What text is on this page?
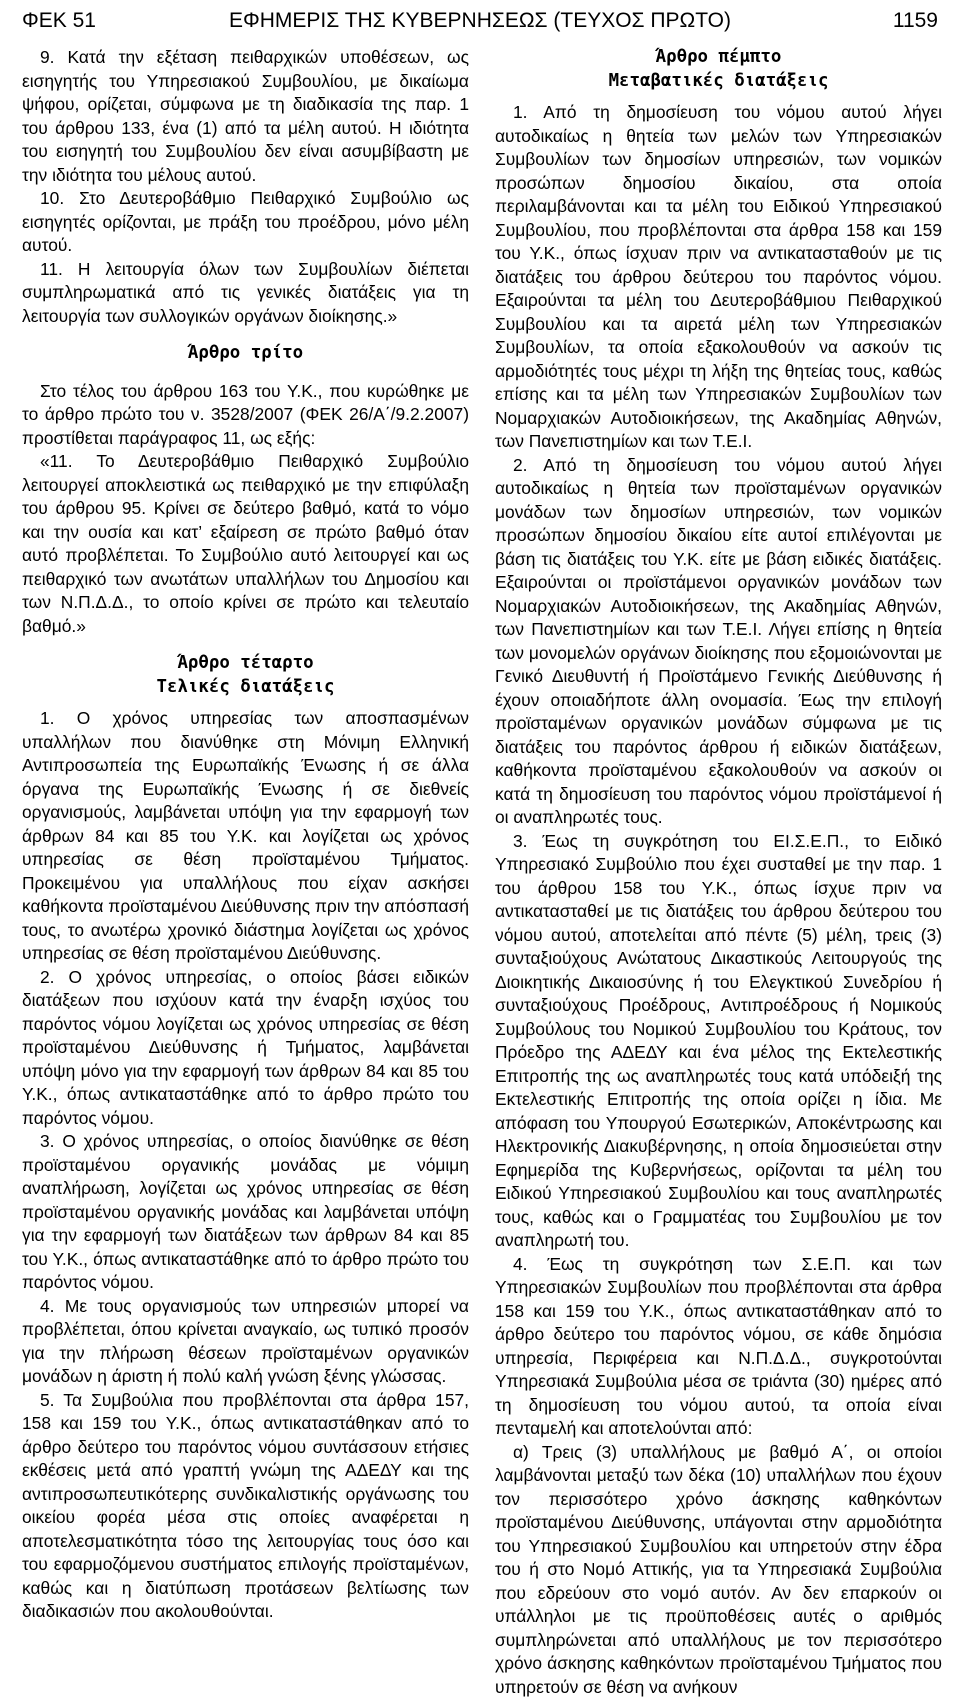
ΦΕΚ 51	ΕΦΗΜΕΡΙΣ ΤΗΣ ΚΥΒΕΡΝΗΣΕΩΣ (ΤΕΥΧΟΣ ΠΡΩΤΟ)	1159

9. Κατά την εξέταση πειθαρχικών υποθέσεων, ως εισηγητής του Υπηρεσιακού Συμβουλίου, με δικαίωμα ψήφου, ορίζεται, σύμφωνα με τη διαδικασία της παρ. 1 του άρθρου 133, ένα (1) από τα μέλη αυτού. Η ιδιότητα του εισηγητή του Συμβουλίου δεν είναι ασυμβίβαστη με την ιδιότητα του μέλους αυτού.

10. Στο Δευτεροβάθμιο Πειθαρχικό Συμβούλιο ως εισηγητές ορίζονται, με πράξη του προέδρου, μόνο μέλη αυτού.

11. Η λειτουργία όλων των Συμβουλίων διέπεται συμπληρωματικά από τις γενικές διατάξεις για τη λειτουργία των συλλογικών οργάνων διοίκησης.»

Άρθρο τρίτο

Στο τέλος του άρθρου 163 του Υ.Κ., που κυρώθηκε με το άρθρο πρώτο του ν. 3528/2007 (ΦΕΚ 26/Α΄/9.2.2007) προστίθεται παράγραφος 11, ως εξής:

«11. Το Δευτεροβάθμιο Πειθαρχικό Συμβούλιο λειτουργεί αποκλειστικά ως πειθαρχικό με την επιφύλαξη του άρθρου 95. Κρίνει σε δεύτερο βαθμό, κατά το νόμο και την ουσία και κατ’ εξαίρεση σε πρώτο βαθμό όταν αυτό προβλέπεται. Το Συμβούλιο αυτό λειτουργεί και ως πειθαρχικό των ανωτάτων υπαλλήλων του Δημοσίου και των Ν.Π.Δ.Δ., το οποίο κρίνει σε πρώτο και τελευταίο βαθμό.»

Άρθρο τέταρτο
Τελικές διατάξεις

1. Ο χρόνος υπηρεσίας των αποσπασμένων υπαλλήλων που διανύθηκε στη Μόνιμη Ελληνική Αντιπροσωπεία της Ευρωπαϊκής Ένωσης ή σε άλλα όργανα της Ευρωπαϊκής Ένωσης ή σε διεθνείς οργανισμούς, λαμβάνεται υπόψη για την εφαρμογή των άρθρων 84 και 85 του Υ.Κ. και λογίζεται ως χρόνος υπηρεσίας σε θέση προϊσταμένου Τμήματος. Προκειμένου για υπαλλήλους που είχαν ασκήσει καθήκοντα προϊσταμένου Διεύθυνσης πριν την απόσπασή τους, το ανωτέρω χρονικό διάστημα λογίζεται ως χρόνος υπηρεσίας σε θέση προϊσταμένου Διεύθυνσης.

2. Ο χρόνος υπηρεσίας, ο οποίος βάσει ειδικών διατάξεων που ισχύουν κατά την έναρξη ισχύος του παρόντος νόμου λογίζεται ως χρόνος υπηρεσίας σε θέση προϊσταμένου Διεύθυνσης ή Τμήματος, λαμβάνεται υπόψη μόνο για την εφαρμογή των άρθρων 84 και 85 του Υ.Κ., όπως αντικαταστάθηκε από το άρθρο πρώτο του παρόντος νόμου.

3. Ο χρόνος υπηρεσίας, ο οποίος διανύθηκε σε θέση προϊσταμένου οργανικής μονάδας με νόμιμη αναπλήρωση, λογίζεται ως χρόνος υπηρεσίας σε θέση προϊσταμένου οργανικής μονάδας και λαμβάνεται υπόψη για την εφαρμογή των διατάξεων των άρθρων 84 και 85 του Υ.Κ., όπως αντικαταστάθηκε από το άρθρο πρώτο του παρόντος νόμου.

4. Με τους οργανισμούς των υπηρεσιών μπορεί να προβλέπεται, όπου κρίνεται αναγκαίο, ως τυπικό προσόν για την πλήρωση θέσεων προϊσταμένων οργανικών μονάδων η άριστη ή πολύ καλή γνώση ξένης γλώσσας.

5. Τα Συμβούλια που προβλέπονται στα άρθρα 157, 158 και 159 του Υ.Κ., όπως αντικαταστάθηκαν από το άρθρο δεύτερο του παρόντος νόμου συντάσσουν ετήσιες εκθέσεις μετά από γραπτή γνώμη της ΑΔΕΔΥ και της αντιπροσωπευτικότερης συνδικαλιστικής οργάνωσης του οικείου φορέα μέσα στις οποίες αναφέρεται η αποτελεσματικότητα τόσο της λειτουργίας τους όσο και του εφαρμοζόμενου συστήματος επιλογής προϊσταμένων, καθώς και η διατύπωση προτάσεων βελτίωσης των διαδικασιών που ακολουθούνται.

Άρθρο πέμπτο
Μεταβατικές διατάξεις

1. Από τη δημοσίευση του νόμου αυτού λήγει αυτοδικαίως η θητεία των μελών των Υπηρεσιακών Συμβουλίων των δημοσίων υπηρεσιών, των νομικών προσώπων δημοσίου δικαίου, στα οποία περιλαμβάνονται και τα μέλη του Ειδικού Υπηρεσιακού Συμβουλίου, που προβλέπονται στα άρθρα 158 και 159 του Υ.Κ., όπως ίσχυαν πριν να αντικατασταθούν με τις διατάξεις του άρθρου δεύτερου του παρόντος νόμου. Εξαιρούνται τα μέλη του Δευτεροβάθμιου Πειθαρχικού Συμβουλίου και τα αιρετά μέλη των Υπηρεσιακών Συμβουλίων, τα οποία εξακολουθούν να ασκούν τις αρμοδιότητές τους μέχρι τη λήξη της θητείας τους, καθώς επίσης και τα μέλη των Υπηρεσιακών Συμβουλίων των Νομαρχιακών Αυτοδιοικήσεων, της Ακαδημίας Αθηνών, των Πανεπιστημίων και των Τ.Ε.Ι.

2. Από τη δημοσίευση του νόμου αυτού λήγει αυτοδικαίως η θητεία των προϊσταμένων οργανικών μονάδων των δημοσίων υπηρεσιών, των νομικών προσώπων δημοσίου δικαίου είτε αυτοί επιλέγονται με βάση τις διατάξεις του Υ.Κ. είτε με βάση ειδικές διατάξεις. Εξαιρούνται οι προϊστάμενοι οργανικών μονάδων των Νομαρχιακών Αυτοδιοικήσεων, της Ακαδημίας Αθηνών, των Πανεπιστημίων και των Τ.Ε.Ι. Λήγει επίσης η θητεία των μονομελών οργάνων διοίκησης που εξομοιώνονται με Γενικό Διευθυντή ή Προϊστάμενο Γενικής Διεύθυνσης ή έχουν οποιαδήποτε άλλη ονομασία. Έως την επιλογή προϊσταμένων οργανικών μονάδων σύμφωνα με τις διατάξεις του παρόντος άρθρου ή ειδικών διατάξεων, καθήκοντα προϊσταμένου εξακολουθούν να ασκούν οι κατά τη δημοσίευση του παρόντος νόμου προϊστάμενοί ή οι αναπληρωτές τους.

3. Έως τη συγκρότηση του ΕΙ.Σ.Ε.Π., το Ειδικό Υπηρεσιακό Συμβούλιο που έχει συσταθεί με την παρ. 1 του άρθρου 158 του Υ.Κ., όπως ίσχυε πριν να αντικατασταθεί με τις διατάξεις του άρθρου δεύτερου του νόμου αυτού, αποτελείται από πέντε (5) μέλη, τρεις (3) συνταξιούχους Ανώτατους Δικαστικούς Λειτουργούς της Διοικητικής Δικαιοσύνης ή του Ελεγκτικού Συνεδρίου ή συνταξιούχους Προέδρους, Αντιπροέδρους ή Νομικούς Συμβούλους του Νομικού Συμβουλίου του Κράτους, τον Πρόεδρο της ΑΔΕΔΥ και ένα μέλος της Εκτελεστικής Επιτροπής της ως αναπληρωτές τους κατά υπόδειξή της Εκτελεστικής Επιτροπής της οποία ορίζει η ίδια. Με απόφαση του Υπουργού Εσωτερικών, Αποκέντρωσης και Ηλεκτρονικής Διακυβέρνησης, η οποία δημοσιεύεται στην Εφημερίδα της Κυβερνήσεως, ορίζονται τα μέλη του Ειδικού Υπηρεσιακού Συμβουλίου και τους αναπληρωτές τους, καθώς και ο Γραμματέας του Συμβουλίου με τον αναπληρωτή του.

4. Έως τη συγκρότηση των Σ.Ε.Π. και των Υπηρεσιακών Συμβουλίων που προβλέπονται στα άρθρα 158 και 159 του Υ.Κ., όπως αντικαταστάθηκαν από το άρθρο δεύτερο του παρόντος νόμου, σε κάθε δημόσια υπηρεσία, Περιφέρεια και Ν.Π.Δ.Δ., συγκροτούνται Υπηρεσιακά Συμβούλια μέσα σε τριάντα (30) ημέρες από τη δημοσίευση του νόμου αυτού, τα οποία είναι πενταμελή και αποτελούνται από:

α) Τρεις (3) υπαλλήλους με βαθμό Α΄, οι οποίοι λαμβάνονται μεταξύ των δέκα (10) υπαλλήλων που έχουν τον περισσότερο χρόνο άσκησης καθηκόντων προϊσταμένου Διεύθυνσης, υπάγονται στην αρμοδιότητα του Υπηρεσιακού Συμβουλίου και υπηρετούν στην έδρα του ή στο Νομό Αττικής, για τα Υπηρεσιακά Συμβούλια που εδρεύουν στο νομό αυτόν. Αν δεν επαρκούν οι υπάλληλοι με τις προϋποθέσεις αυτές ο αριθμός συμπληρώνεται από υπαλλήλους με τον περισσότερο χρόνο άσκησης καθηκόντων προϊσταμένου Τμήματος που υπηρετούν σε θέση να ανήκουν
